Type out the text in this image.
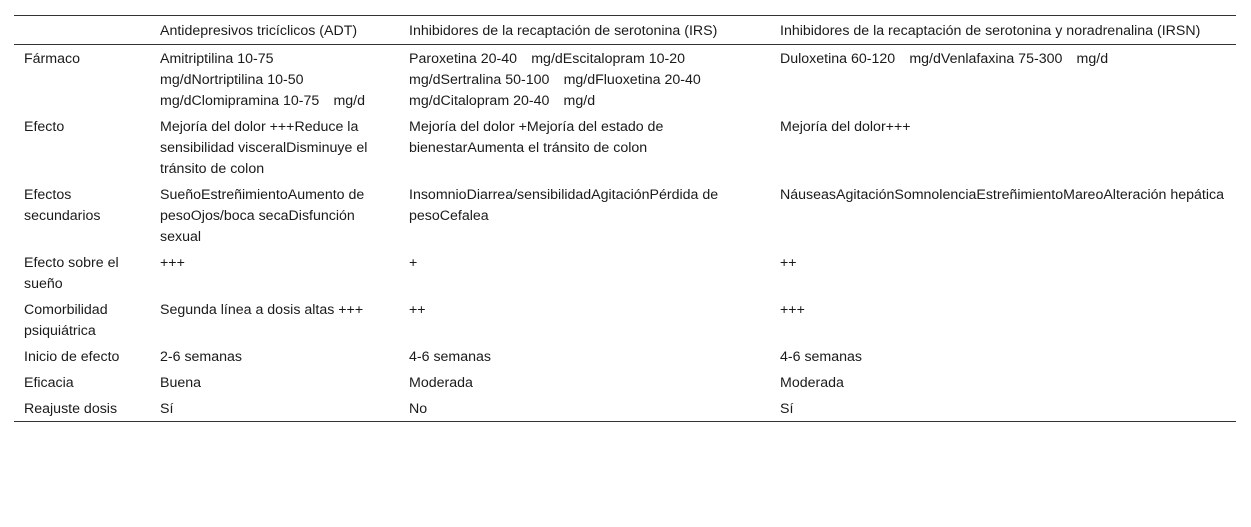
	Antidepresivos tricíclicos (ADT)	Inhibidores de la recaptación de serotonina (IRS)	Inhibidores de la recaptación de serotonina y noradrenalina (IRSN)
Fármaco	Amitriptilina 10-75 mg/dNortriptilina 10-50 mg/dClomipramina 10-75 mg/d	Paroxetina 20-40 mg/dEscitalopram 10-20 mg/dSertralina 50-100 mg/dFluoxetina 20-40 mg/dCitalopram 20-40 mg/d	Duloxetina 60-120 mg/dVenlafaxina 75-300 mg/d
Efecto	Mejoría del dolor +++Reduce la sensibilidad visceralDisminuye el tránsito de colon	Mejoría del dolor +Mejoría del estado de bienestarAumenta el tránsito de colon	Mejoría del dolor+++
Efectos secundarios	SueñoEstreñimientoAumento de pesoOjos/boca secaDisfunción sexual	InsomnioDiarrea/sensibilidadAgitaciónPérdida de pesoCefalea	NáuseasAgitaciónSomnolenciaEstreñimientoMareoAlteración hepática
Efecto sobre el sueño	+++	+	++
Comorbilidad psiquiátrica	Segunda línea a dosis altas +++	++	+++
Inicio de efecto	2-6 semanas	4-6 semanas	4-6 semanas
Eficacia	Buena	Moderada	Moderada
Reajuste dosis	Sí	No	Sí
